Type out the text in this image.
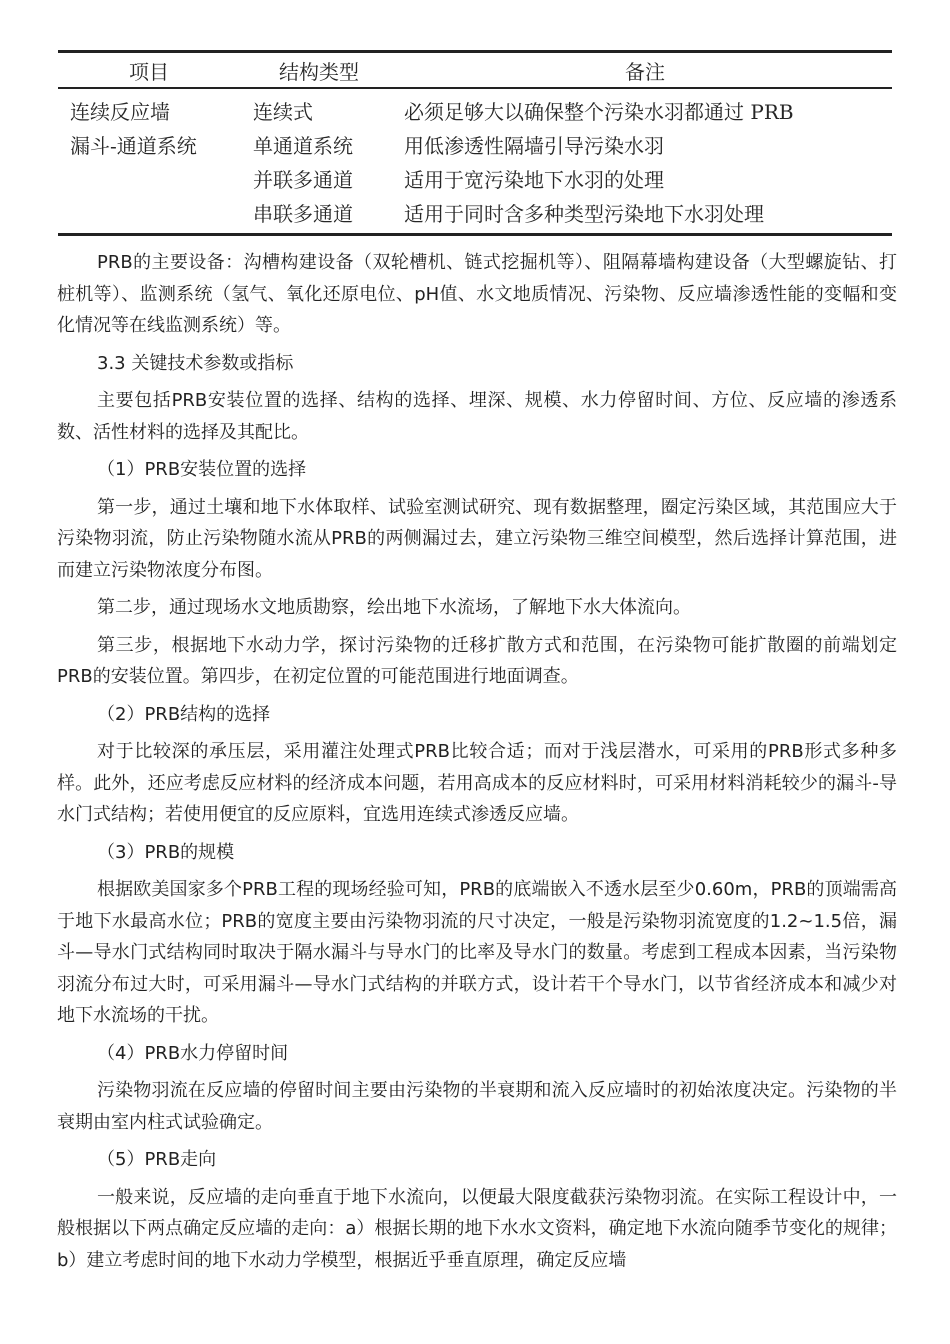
项目	结构类型	备注
连续反应墙	连续式	必须足够大以确保整个污染水羽都通过 PRB
漏斗-通道系统	单通道系统	用低渗透性隔墙引导污染水羽
	并联多通道	适用于宽污染地下水羽的处理
	串联多通道	适用于同时含多种类型污染地下水羽处理

PRB的主要设备：沟槽构建设备（双轮槽机、链式挖掘机等）、阻隔幕墙构建设备（大型螺旋钻、打桩机等）、监测系统（氢气、氧化还原电位、pH值、水文地质情况、污染物、反应墙渗透性能的变幅和变化情况等在线监测系统）等。

3.3 关键技术参数或指标

主要包括PRB安装位置的选择、结构的选择、埋深、规模、水力停留时间、方位、反应墙的渗透系数、活性材料的选择及其配比。

（1）PRB安装位置的选择

第一步，通过土壤和地下水体取样、试验室测试研究、现有数据整理，圈定污染区域，其范围应大于污染物羽流，防止污染物随水流从PRB的两侧漏过去，建立污染物三维空间模型，然后选择计算范围，进而建立污染物浓度分布图。

第二步，通过现场水文地质勘察，绘出地下水流场，了解地下水大体流向。

第三步，根据地下水动力学，探讨污染物的迁移扩散方式和范围，在污染物可能扩散圈的前端划定PRB的安装位置。第四步，在初定位置的可能范围进行地面调查。

（2）PRB结构的选择

对于比较深的承压层，采用灌注处理式PRB比较合适；而对于浅层潜水，可采用的PRB形式多种多样。此外，还应考虑反应材料的经济成本问题，若用高成本的反应材料时，可采用材料消耗较少的漏斗-导水门式结构；若使用便宜的反应原料，宜选用连续式渗透反应墙。

（3）PRB的规模

根据欧美国家多个PRB工程的现场经验可知，PRB的底端嵌入不透水层至少0.60m，PRB的顶端需高于地下水最高水位；PRB的宽度主要由污染物羽流的尺寸决定，一般是污染物羽流宽度的1.2~1.5倍，漏斗—导水门式结构同时取决于隔水漏斗与导水门的比率及导水门的数量。考虑到工程成本因素，当污染物羽流分布过大时，可采用漏斗—导水门式结构的并联方式，设计若干个导水门，以节省经济成本和减少对地下水流场的干扰。

（4）PRB水力停留时间

污染物羽流在反应墙的停留时间主要由污染物的半衰期和流入反应墙时的初始浓度决定。污染物的半衰期由室内柱式试验确定。

（5）PRB走向

一般来说，反应墙的走向垂直于地下水流向，以便最大限度截获污染物羽流。在实际工程设计中，一般根据以下两点确定反应墙的走向：a）根据长期的地下水水文资料，确定地下水流向随季节变化的规律；b）建立考虑时间的地下水动力学模型，根据近乎垂直原理，确定反应墙
